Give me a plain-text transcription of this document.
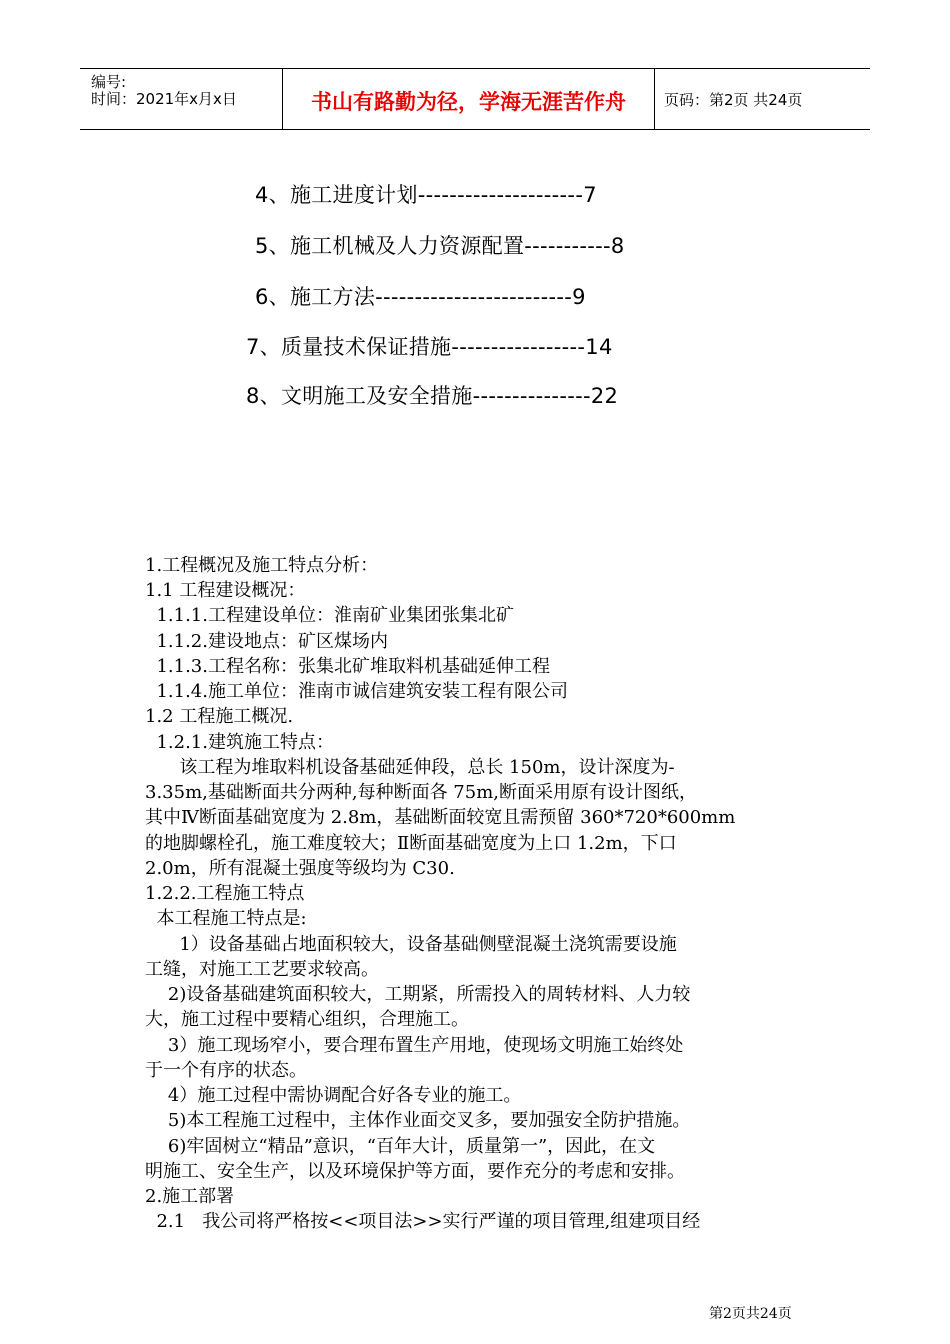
编号:
时间：2021年x月x日	书山有路勤为径，学海无涯苦作舟	页码：第2页 共24页
4、施工进度计划---------------------7
5、施工机械及人力资源配置-----------8
6、施工方法-------------------------9
7、质量技术保证措施-----------------14
8、文明施工及安全措施---------------22
1.工程概况及施工特点分析：
1.1 工程建设概况：
1.1.1.工程建设单位：淮南矿业集团张集北矿
1.1.2.建设地点：矿区煤场内
1.1.3.工程名称：张集北矿堆取料机基础延伸工程
1.1.4.施工单位：淮南市诚信建筑安装工程有限公司
1.2 工程施工概况.
1.2.1.建筑施工特点：
该工程为堆取料机设备基础延伸段，总长 150m，设计深度为-
3.35m,基础断面共分两种,每种断面各 75m,断面采用原有设计图纸，
其中Ⅳ断面基础宽度为 2.8m，基础断面较宽且需预留 360*720*600mm
的地脚螺栓孔，施工难度较大；Ⅱ断面基础宽度为上口 1.2m，下口
2.0m，所有混凝土强度等级均为 C30.
1.2.2.工程施工特点
本工程施工特点是:
1）设备基础占地面积较大，设备基础侧壁混凝土浇筑需要设施
工缝，对施工工艺要求较高。
2)设备基础建筑面积较大，工期紧，所需投入的周转材料、人力较
大，施工过程中要精心组织，合理施工。
3）施工现场窄小，要合理布置生产用地，使现场文明施工始终处
于一个有序的状态。
4）施工过程中需协调配合好各专业的施工。
5)本工程施工过程中，主体作业面交叉多，要加强安全防护措施。
6)牢固树立“精品”意识，“百年大计，质量第一”，因此，在文
明施工、安全生产，以及环境保护等方面，要作充分的考虑和安排。
2.施工部署
2.1   我公司将严格按<<项目法>>实行严谨的项目管理,组建项目经
第2页共24页
